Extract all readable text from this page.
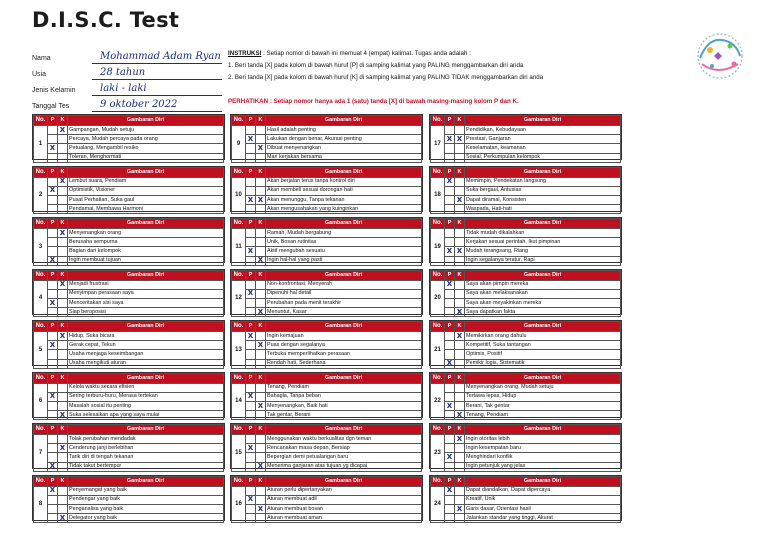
D.I.S.C. Test
Nama	Mohammad Adam Ryan
Usia	28 tahun
Jenis Kelamin	laki - laki
Tanggal Tes	9 oktober 2022
INSTRUKSI : Setiap nomor di bawah ini memuat 4 (empat) kalimat. Tugas anda adalah :
1. Beri tanda [X] pada kolom di bawah huruf [P] di samping kalimat yang PALING menggambarkan diri anda
2. Beri tanda [X] pada kolom di bawah huruf [K] di samping kalimat yang PALING TIDAK menggambarkan diri anda
PERHATIKAN : Setiap nomor hanya ada 1 (satu) tanda [X] di bawah masing-masing kolom P dan K.
No.	P	K	Gambaran Diri
1		X	Gampangan, Mudah setuju
			Percaya, Mudah percaya pada orang
	X		Petualang, Mengambil resiko
			Toleran, Menghormati
No.	P	K	Gambaran Diri
2		X	Lembut suara, Pendiam
	X		Optimistik, Visioner
			Pusat Perhatian, Suka gaul
			Pendamai, Membawa Harmoni
No.	P	K	Gambaran Diri
3		X	Menyenangkan orang
			Berusaha sempurna
			Bagian dari kelompok
	X		Ingin membuat tujuan
No.	P	K	Gambaran Diri
4		X	Menjadi frustrasi
			Menyimpan perasaan saya
	X		Menceritakan sisi saya
			Siap beroposisi
No.	P	K	Gambaran Diri
5		X	Hidup, Suka bicara
	X		Gerak cepat, Tekun
			Usaha menjaga keseimbangan
			Usaha mengikuti aturan
No.	P	K	Gambaran Diri
6			Kelola waktu secara efisien
	X		Sering terburu-buru, Merasa tertekan
			Masalah sosial itu penting
		X	Suka selesaikan apa yang saya mulai
No.	P	K	Gambaran Diri
7			Tolak perubahan mendadak
		X	Cenderung janji berlebihan
			Tarik diri di tengah tekanan
	X		Tidak takut bertempur
No.	P	K	Gambaran Diri
8	X		Penyemangat yang baik
			Pendengar yang baik
			Penganalisa yang baik
		X	Delegator yang baik
No.	P	K	Gambaran Diri
9			Hasil adalah penting
	X		Lakukan dengan benar, Akurasi penting
		X	Dibuat menyenangkan
			Mari kerjakan bersama
No.	P	K	Gambaran Diri
10			Akan berjalan terus tanpa kontrol diri
			Akan membeli sesuai dorongan hati
	X	X	Akan menunggu, Tanpa tekanan
			Akan mengusahakan yang kuinginkan
No.	P	K	Gambaran Diri
11			Ramah, Mudah bergabung
			Unik, Bosan rutinitas
	X		Aktif mengubah sesuatu
		X	Ingin hal-hal yang pasti
No.	P	K	Gambaran Diri
12			Non-konfrontasi, Menyerah
	X		Dipenuhi hal detail
			Perubahan pada menit terakhir
		X	Menuntut, Kasar
No.	P	K	Gambaran Diri
13	X		Ingin kemajuan
		X	Puas dengan segalanya
			Terbuka memperlihatkan perasaan
			Rendah hati, Sederhana
No.	P	K	Gambaran Diri
14			Tenang, Pendiam
	X		Bahagia, Tanpa beban
		X	Menyenangkan, Baik hati
			Tak gentar, Berani
No.	P	K	Gambaran Diri
15			Menggunakan waktu berkualitas dgn teman
	X		Rencanakan masa depan, Bersiap
			Bepergian demi petualangan baru
		X	Menerima ganjaran atas tujuan yg dicapai
No.	P	K	Gambaran Diri
16			Aturan perlu dipertanyakan
	X		Aturan membuat adil
		X	Aturan membuat bosan
			Aturan membuat aman
No.	P	K	Gambaran Diri
17			Pendidikan, Kebudayaan
	X	X	Prestasi, Ganjaran
			Keselamatan, keamanan
			Sosial, Perkumpulan kelompok
No.	P	K	Gambaran Diri
18	X		Memimpin, Pendekatan langsung
			Suka bergaul, Antusias
		X	Dapat diramal, Konsisten
			Waspada, Hati-hati
No.	P	K	Gambaran Diri
19			Tidak mudah dikalahkan
			Kerjakan sesuai perintah, Ikut pimpinan
	X	X	Mudah terangsang, Riang
			Ingin segalanya teratur, Rapi
No.	P	K	Gambaran Diri
20	X		Saya akan pimpin mereka
			Saya akan melaksanakan
			Saya akan meyakinkan mereka
		X	Saya dapatkan fakta
No.	P	K	Gambaran Diri
21		X	Memikirkan orang dahulu
			Kompetitif, Suka tantangan
			Optimis, Positif
	X		Pemikir logis, Sistematik
No.	P	K	Gambaran Diri
22			Menyenangkan orang, Mudah setuju
			Tertawa lepas, Hidup
	X		Berani, Tak gentar
		X	Tenang, Pendiam
No.	P	K	Gambaran Diri
23		X	Ingin otoritas lebih
			Ingin kesempatan baru
	X		Menghindari konflik
			Ingin petunjuk yang jelas
No.	P	K	Gambaran Diri
24	X		Dapat diandalkan, Dapat dipercaya
			Kreatif, Unik
		X	Garis dasar, Orientasi hasil
			Jalankan standar yang tinggi, Akurat
